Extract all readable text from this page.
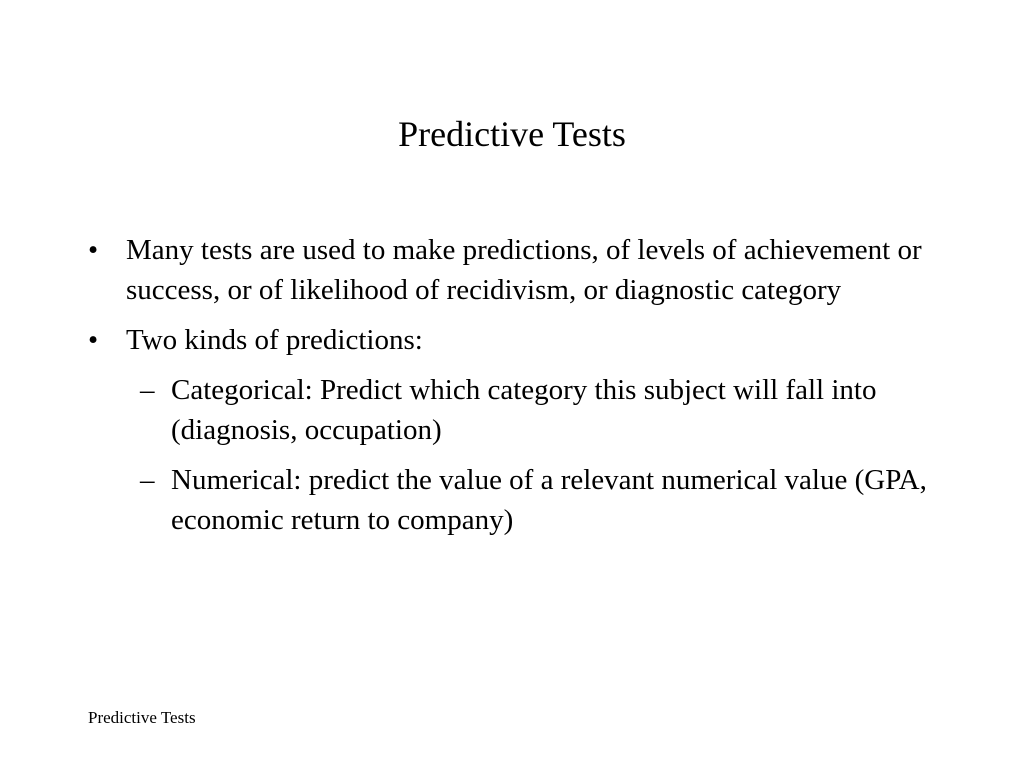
Predictive Tests
• Many tests are used to make predictions, of levels of achievement or success, or of likelihood of recidivism, or diagnostic category
• Two kinds of predictions:
– Categorical: Predict which category this subject will fall into (diagnosis, occupation)
– Numerical: predict the value of a relevant numerical value (GPA, economic return to company)
Predictive Tests
